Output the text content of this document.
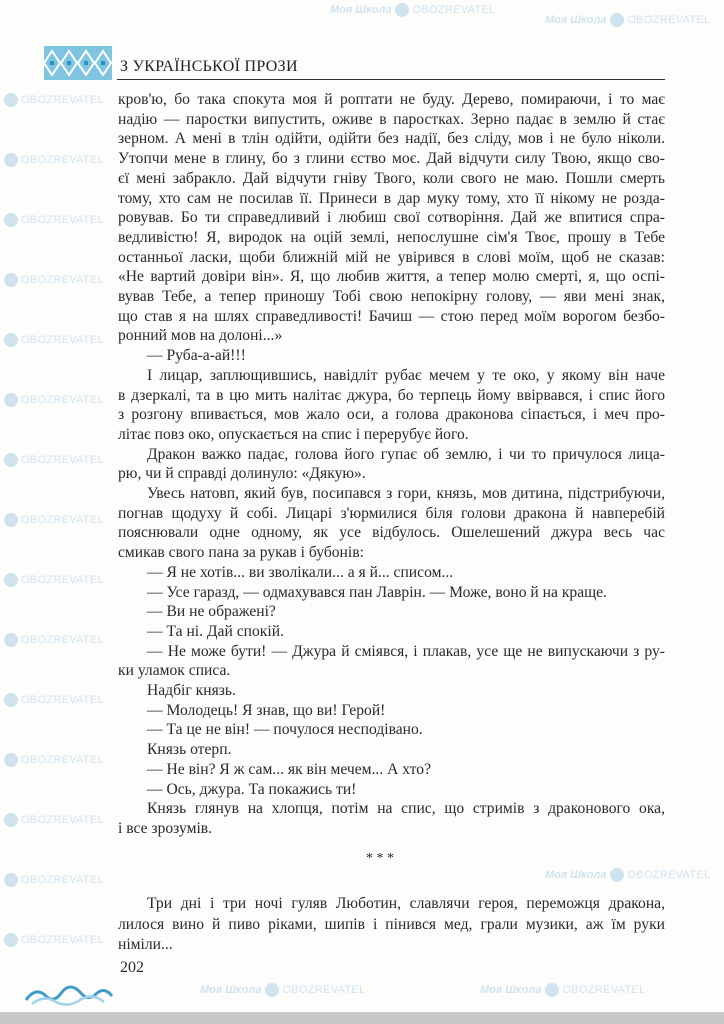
OBOZREVATEL
OBOZREVATEL
OBOZREVATEL
OBOZREVATEL
OBOZREVATEL
OBOZREVATEL
OBOZREVATEL
OBOZREVATEL
OBOZREVATEL
OBOZREVATEL
OBOZREVATEL
OBOZREVATEL
OBOZREVATEL
OBOZREVATEL
OBOZREVATEL
Моя Школа OBOZREVATEL
Моя Школа OBOZREVATEL	Моя Школа OBOZREVATEL
Моя Школа OBOZREVATEL
Моя Школа OBOZREVATEL
З УКРАЇНСЬКОЇ ПРОЗИ
кров'ю, бо така спокута моя й роптати не буду. Дерево, помираючи, і то має
надію — паростки випустить, оживе в паростках. Зерно падає в землю й стає
зерном. А мені в тлін одійти, одійти без надії, без сліду, мов і не було ніколи.
Утопчи мене в глину, бо з глини єство моє. Дай відчути силу Твою, якщо сво-
єї мені забракло. Дай відчути гніву Твого, коли свого не маю. Пошли смерть
тому, хто сам не посилав її. Принеси в дар муку тому, хто її нікому не розда-
ровував. Бо ти справедливий і любиш свої сотворіння. Дай же впитися спра-
ведливістю! Я, виродок на оцій землі, непослушне сім'я Твоє, прошу в Тебе
останньої ласки, щоби ближній мій не увірився в слові моїм, щоб не сказав:
«Не вартий довіри він». Я, що любив життя, а тепер молю смерті, я, що оспі-
вував Тебе, а тепер приношу Тобі свою непокірну голову, — яви мені знак,
що став я на шлях справедливості! Бачиш — стою перед моїм ворогом безбо-
ронний мов на долоні...»
— Руба-а-ай!!!
І лицар, заплющившись, навідліт рубає мечем у те око, у якому він наче
в дзеркалі, та в цю мить налітає джура, бо терпець йому ввірвався, і спис його
з розгону впивається, мов жало оси, а голова драконова сіпається, і меч про-
літає повз око, опускається на спис і перерубує його.
Дракон важко падає, голова його гупає об землю, і чи то причулося лица-
рю, чи й справді долинуло: «Дякую».
Увесь натовп, який був, посипався з гори, князь, мов дитина, підстрибуючи,
погнав щодуху й собі. Лицарі з'юрмилися біля голови дракона й навперебій
пояснювали одне одному, як усе відбулось. Ошелешений джура весь час
смикав свого пана за рукав і бубонів:
— Я не хотів... ви зволікали... а я й... списом...
— Усе гаразд, — одмахувався пан Лаврін. — Може, воно й на краще.
— Ви не ображені?
— Та ні. Дай спокій.
— Не може бути! — Джура й сміявся, і плакав, усе ще не випускаючи з ру-
ки уламок списа.
Надбіг князь.
— Молодець! Я знав, що ви! Герой!
— Та це не він! — почулося несподівано.
Князь отерп.
— Не він? Я ж сам... як він мечем... А хто?
— Ось, джура. Та покажись ти!
Князь глянув на хлопця, потім на спис, що стримів з драконового ока,
і все зрозумів.
* * *
Три дні і три ночі гуляв Люботин, славлячи героя, переможця дракона,
лилося вино й пиво ріками, шипів і пінився мед, грали музики, аж їм руки
німіли...
202
